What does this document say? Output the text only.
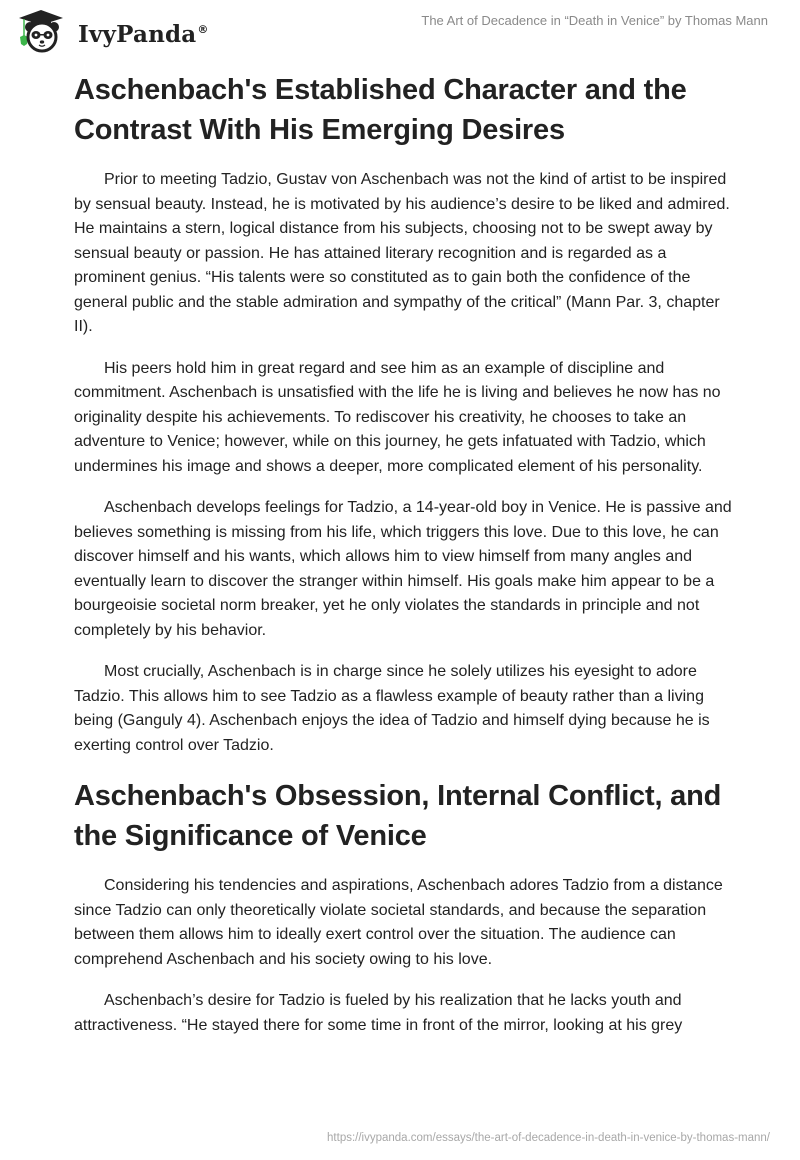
IvyPanda®
The Art of Decadence in “Death in Venice” by Thomas Mann
Aschenbach's Established Character and the Contrast With His Emerging Desires

Prior to meeting Tadzio, Gustav von Aschenbach was not the kind of artist to be inspired by sensual beauty. Instead, he is motivated by his audience’s desire to be liked and admired. He maintains a stern, logical distance from his subjects, choosing not to be swept away by sensual beauty or passion. He has attained literary recognition and is regarded as a prominent genius. “His talents were so constituted as to gain both the confidence of the general public and the stable admiration and sympathy of the critical” (Mann Par. 3, chapter II).

His peers hold him in great regard and see him as an example of discipline and commitment. Aschenbach is unsatisfied with the life he is living and believes he now has no originality despite his achievements. To rediscover his creativity, he chooses to take an adventure to Venice; however, while on this journey, he gets infatuated with Tadzio, which undermines his image and shows a deeper, more complicated element of his personality.

Aschenbach develops feelings for Tadzio, a 14-year-old boy in Venice. He is passive and believes something is missing from his life, which triggers this love. Due to this love, he can discover himself and his wants, which allows him to view himself from many angles and eventually learn to discover the stranger within himself. His goals make him appear to be a bourgeoisie societal norm breaker, yet he only violates the standards in principle and not completely by his behavior.

Most crucially, Aschenbach is in charge since he solely utilizes his eyesight to adore Tadzio. This allows him to see Tadzio as a flawless example of beauty rather than a living being (Ganguly 4). Aschenbach enjoys the idea of Tadzio and himself dying because he is exerting control over Tadzio.

Aschenbach's Obsession, Internal Conflict, and the Significance of Venice

Considering his tendencies and aspirations, Aschenbach adores Tadzio from a distance since Tadzio can only theoretically violate societal standards, and because the separation between them allows him to ideally exert control over the situation. The audience can comprehend Aschenbach and his society owing to his love.

Aschenbach’s desire for Tadzio is fueled by his realization that he lacks youth and attractiveness. “He stayed there for some time in front of the mirror, looking at his grey

https://ivypanda.com/essays/the-art-of-decadence-in-death-in-venice-by-thomas-mann/
